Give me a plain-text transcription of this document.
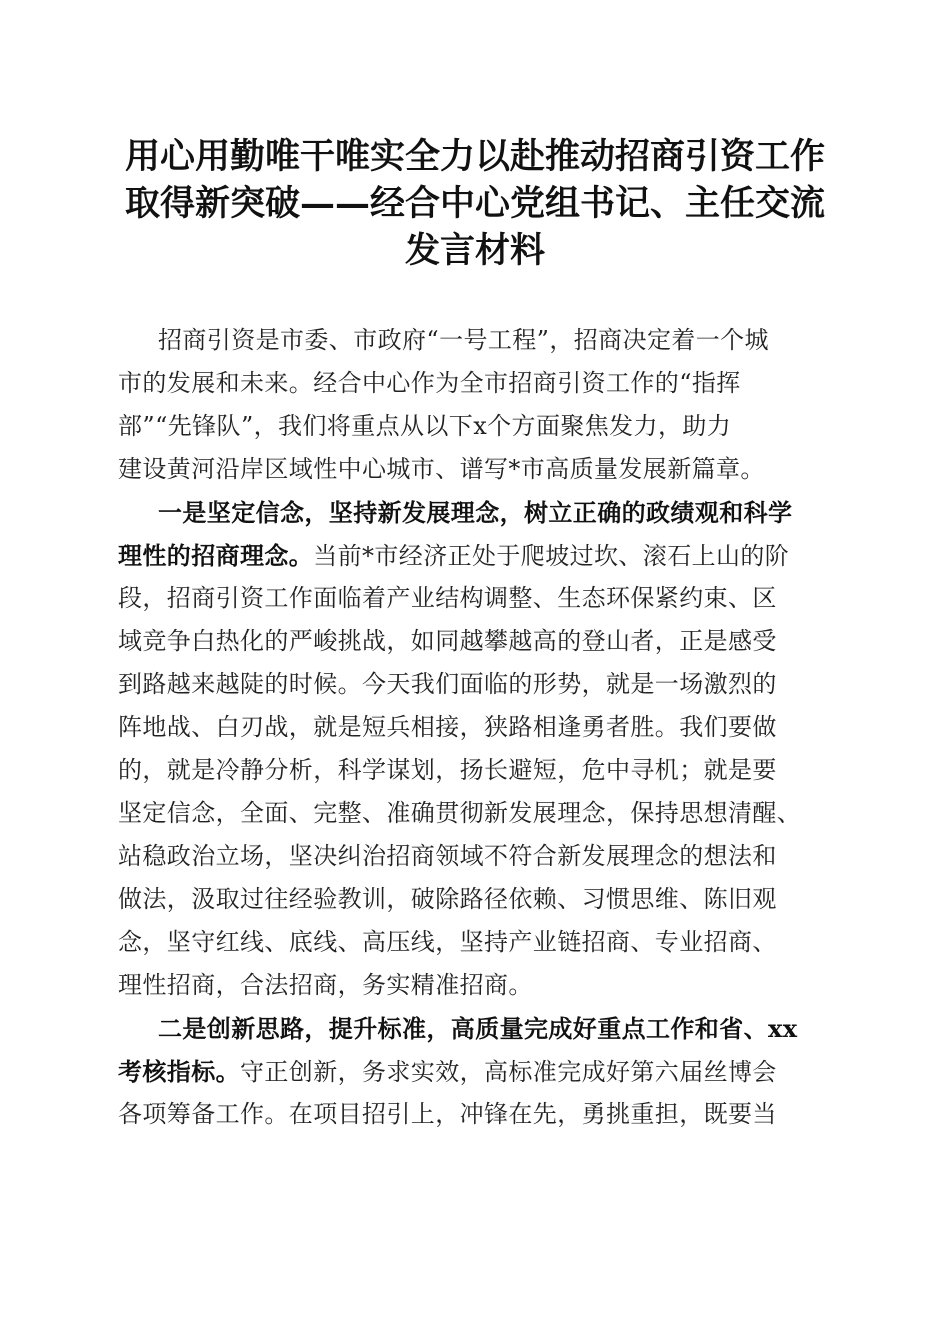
用心用勤唯干唯实全力以赴推动招商引资工作
取得新突破——经合中心党组书记、主任交流
发言材料
招商引资是市委、市政府“一号工程”，招商决定着一个城
市的发展和未来。经合中心作为全市招商引资工作的“指挥
部”“先锋队”，我们将重点从以下x个方面聚焦发力，助力
建设黄河沿岸区域性中心城市、谱写*市高质量发展新篇章。
一是坚定信念，坚持新发展理念，树立正确的政绩观和科学
理性的招商理念。当前*市经济正处于爬坡过坎、滚石上山的阶
段，招商引资工作面临着产业结构调整、生态环保紧约束、区
域竞争白热化的严峻挑战，如同越攀越高的登山者，正是感受
到路越来越陡的时候。今天我们面临的形势，就是一场激烈的
阵地战、白刃战，就是短兵相接，狭路相逢勇者胜。我们要做
的，就是冷静分析，科学谋划，扬长避短，危中寻机；就是要
坚定信念，全面、完整、准确贯彻新发展理念，保持思想清醒、
站稳政治立场，坚决纠治招商领域不符合新发展理念的想法和
做法，汲取过往经验教训，破除路径依赖、习惯思维、陈旧观
念，坚守红线、底线、高压线，坚持产业链招商、专业招商、
理性招商，合法招商，务实精准招商。
二是创新思路，提升标准，高质量完成好重点工作和省、xx
考核指标。守正创新，务求实效，高标准完成好第六届丝博会
各项筹备工作。在项目招引上，冲锋在先，勇挑重担，既要当
